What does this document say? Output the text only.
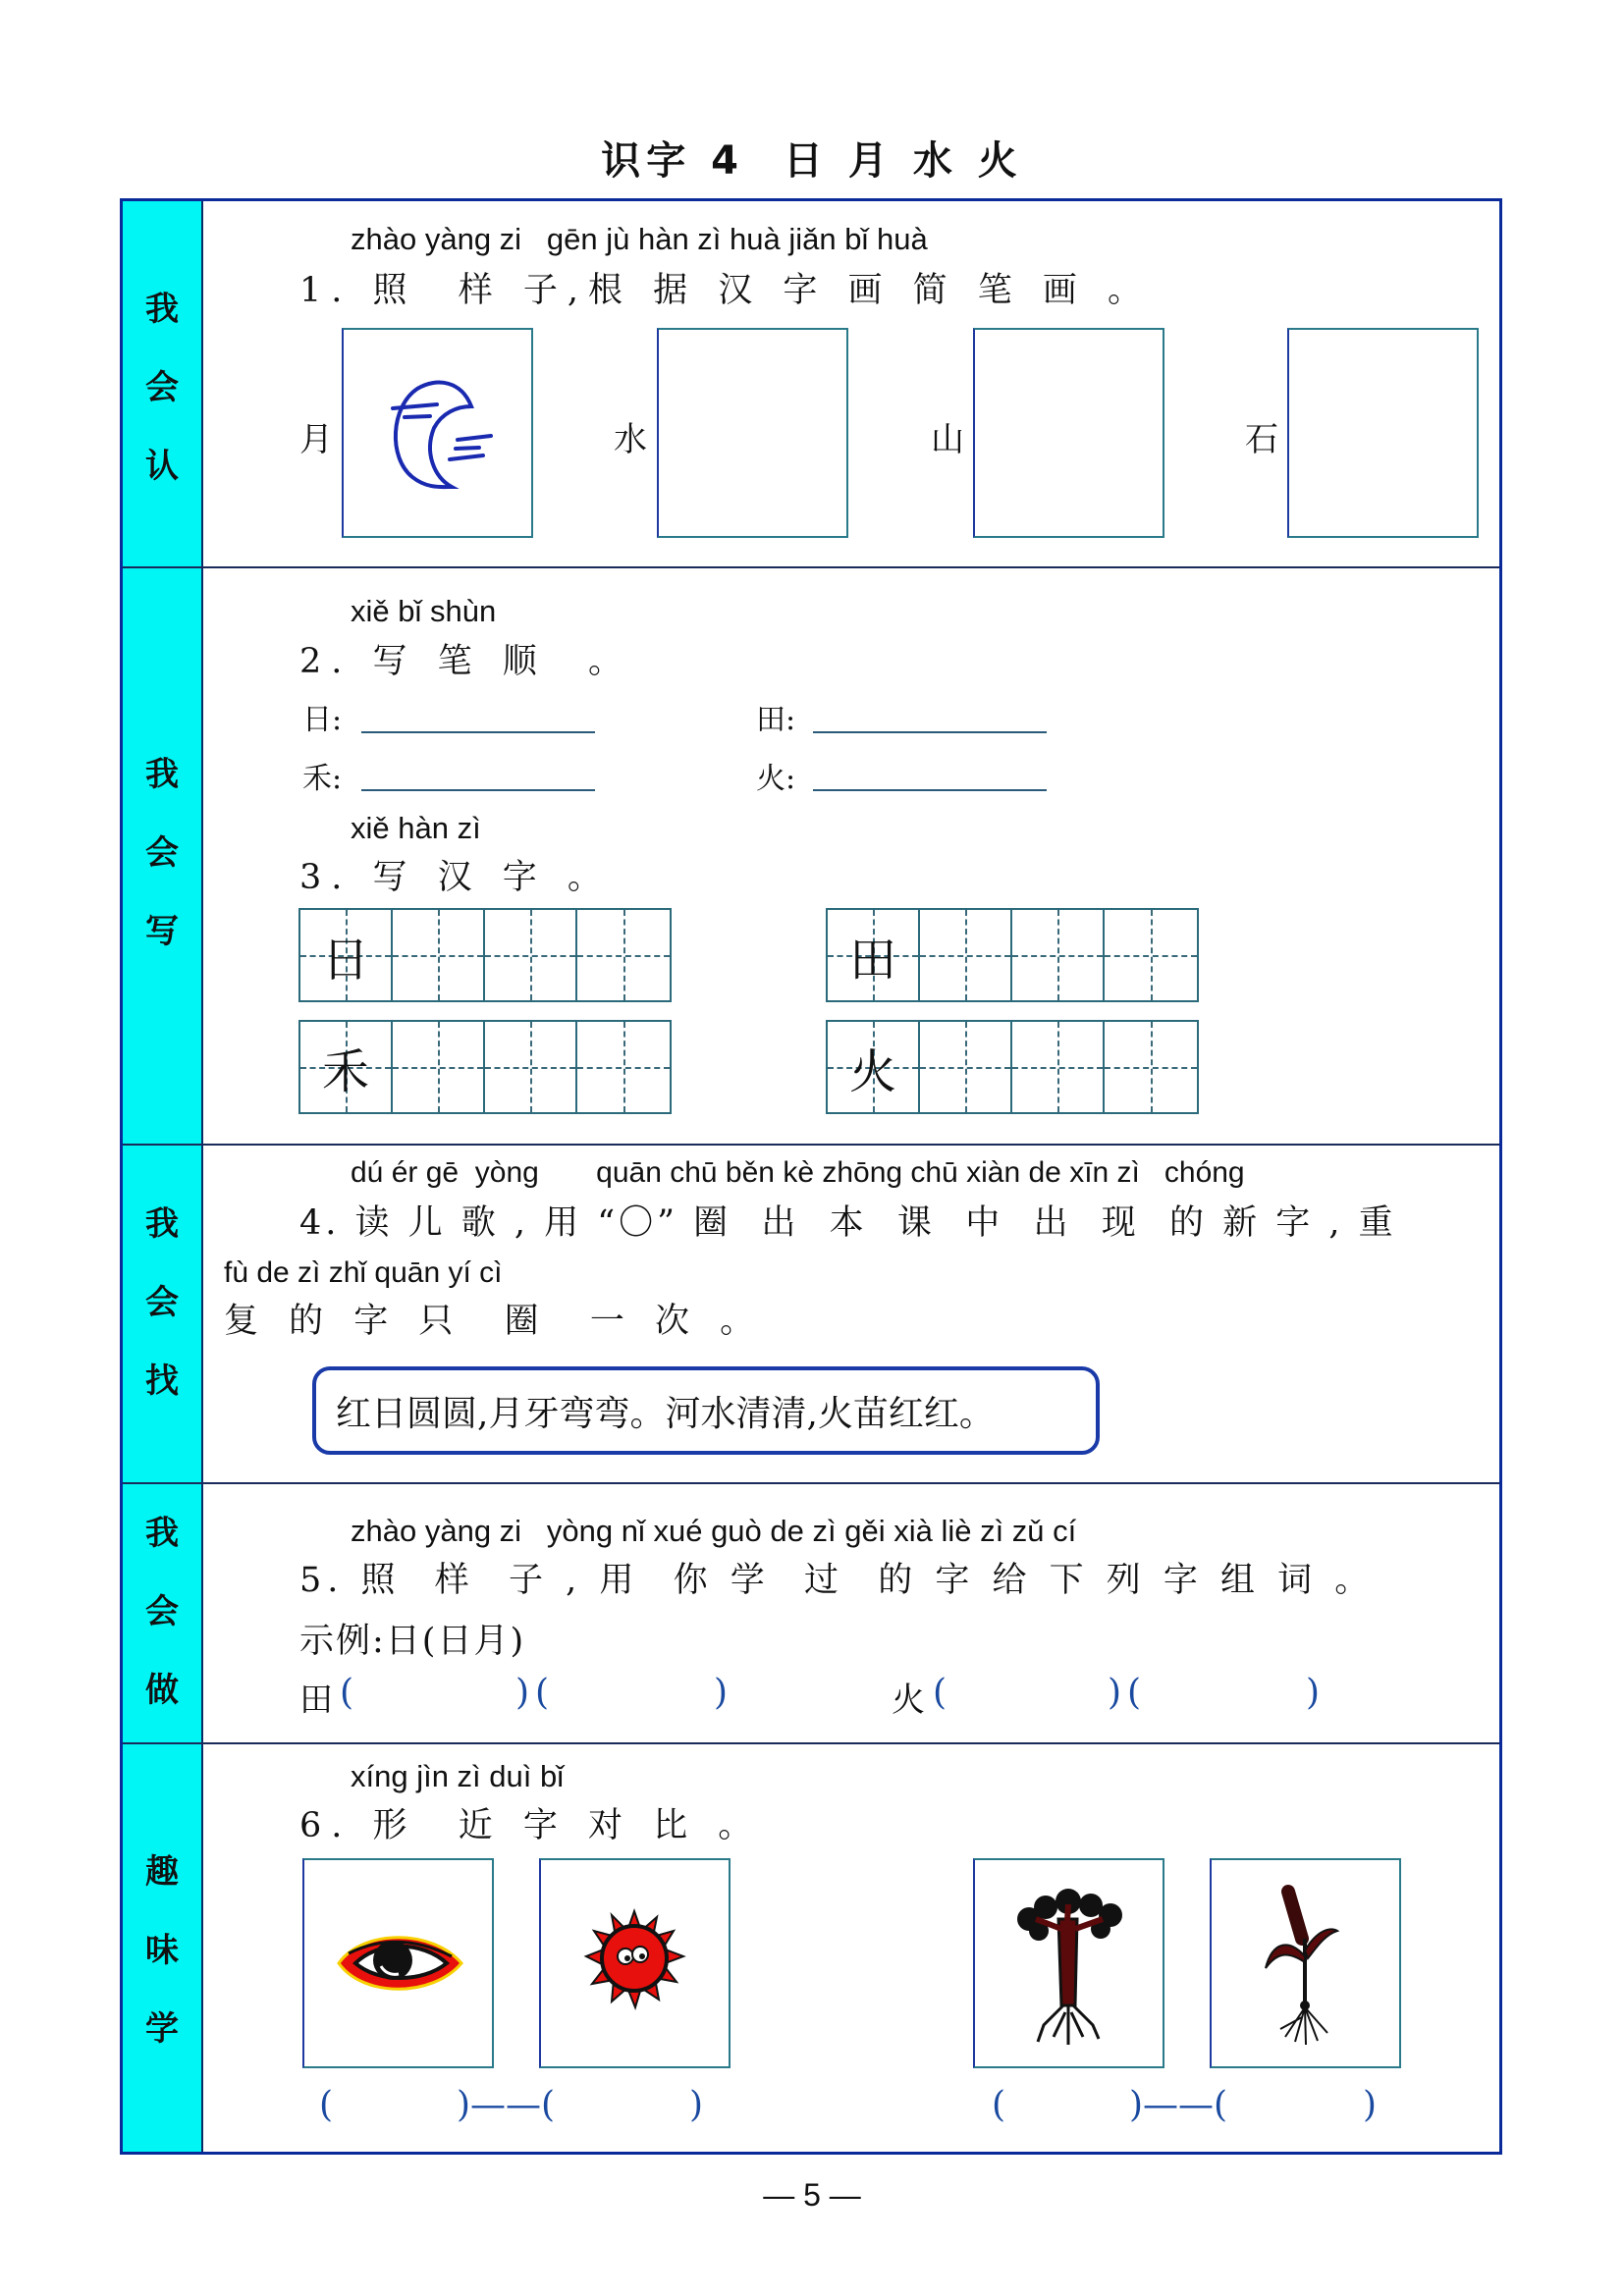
识字 4 日 月 水 火
我
会
认
我
会
写
我
会
找
我
会
做
趣
味
学
zhào yàng zi   gēn jù hàn zì huà jiǎn bǐ huà
1. 照  样 子,根 据 汉 字 画 简 笔 画 。
月	水	山	石
xiě bǐ shùn
2. 写 笔 顺  。
日:	田:
禾:	火:
xiě hàn zì
3. 写 汉 字 。
日	田
禾	火
dú ér gē  yòng       quān chū běn kè zhōng chū xiàn de xīn zì   chóng
4. 读 儿 歌 , 用 “〇” 圈  出  本  课  中  出  现  的 新 字 , 重
fù de zì zhǐ quān yí cì
复 的 字 只  圈  一 次 。
红日圆圆,月牙弯弯。河水清清,火苗红红。
zhào yàng zi   yòng nǐ xué guò de zì gěi xià liè zì zǔ cí
5. 照  样  子 , 用  你 学  过  的 字 给 下 列 字 组 词 。
示例:日(日月)
田 (	) (	)	火 (	) (	)
xíng jìn zì duì bǐ
6. 形  近 字 对 比 。
(	)——(	)	(	)——(	)
— 5 —
